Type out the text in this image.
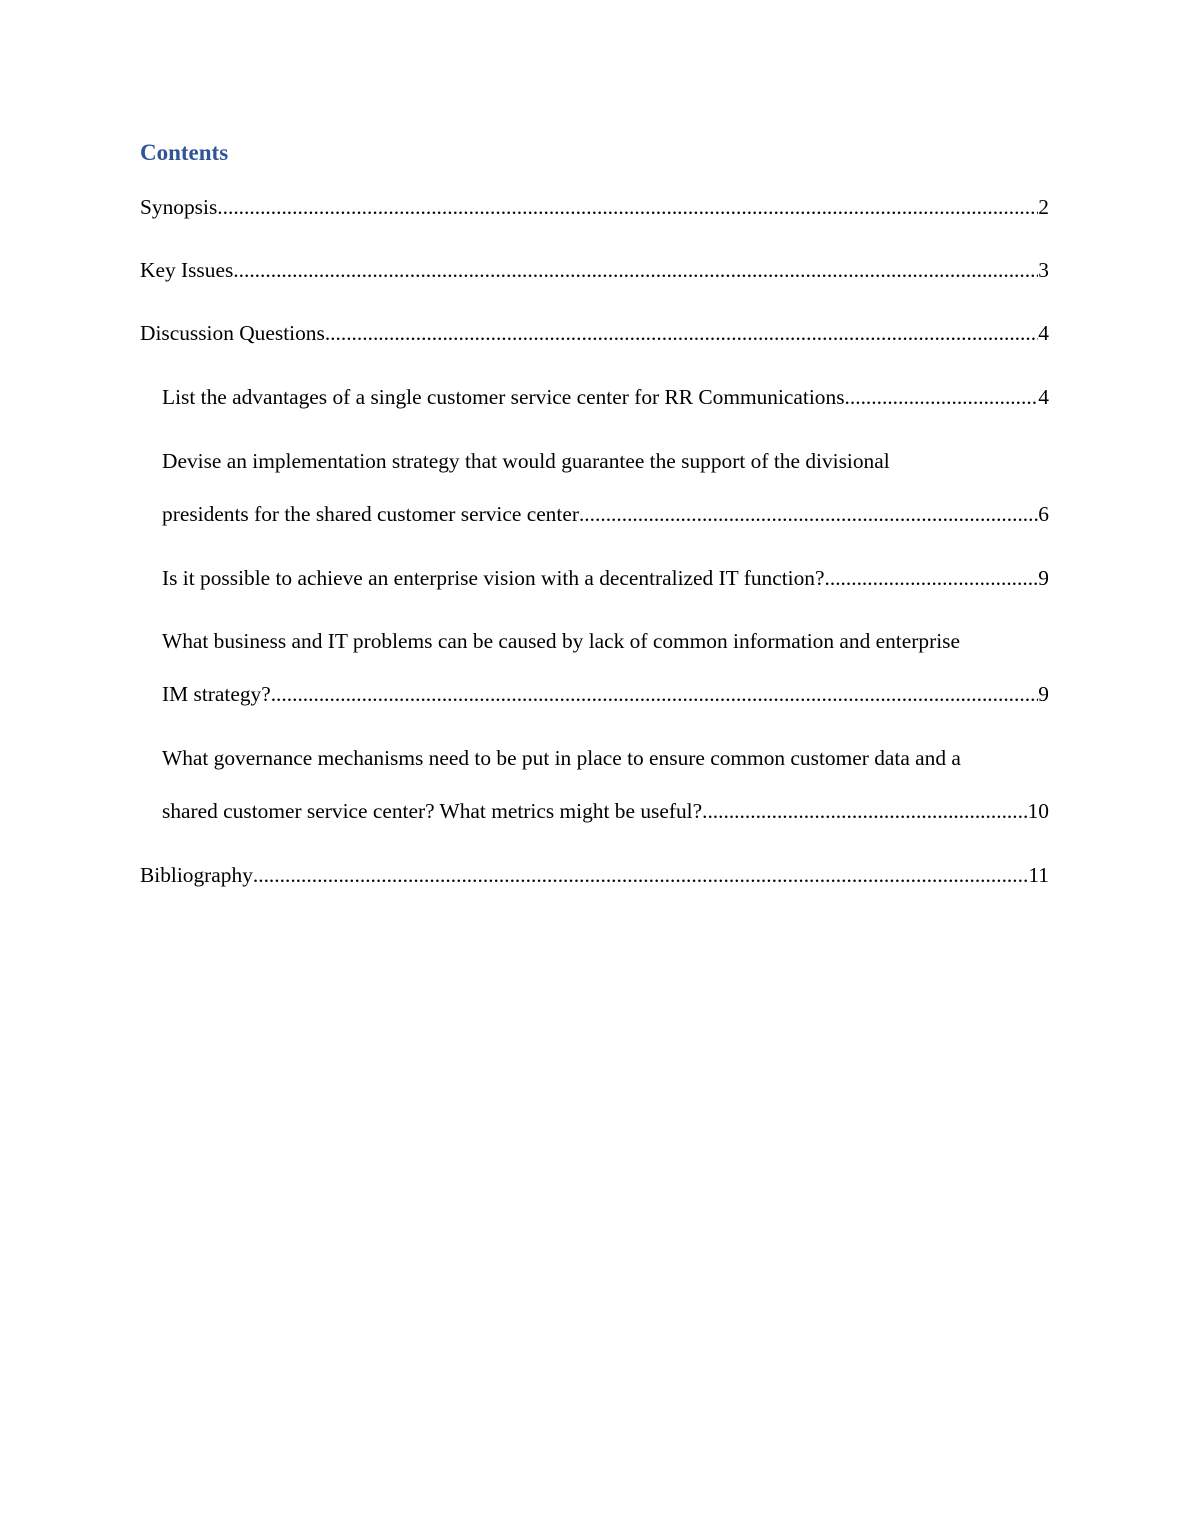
Contents
Synopsis .....	2
Key Issues .....	3
Discussion Questions .....	4
List the advantages of a single customer service center for RR Communications .....	4
Devise an implementation strategy that would guarantee the support of the divisional
presidents for the shared customer service center .....	6
Is it possible to achieve an enterprise vision with a decentralized IT function? .....	9
What business and IT problems can be caused by lack of common information and enterprise
IM strategy? .....	9
What governance mechanisms need to be put in place to ensure common customer data and a
shared customer service center? What metrics might be useful? .....	10
Bibliography .....	11
